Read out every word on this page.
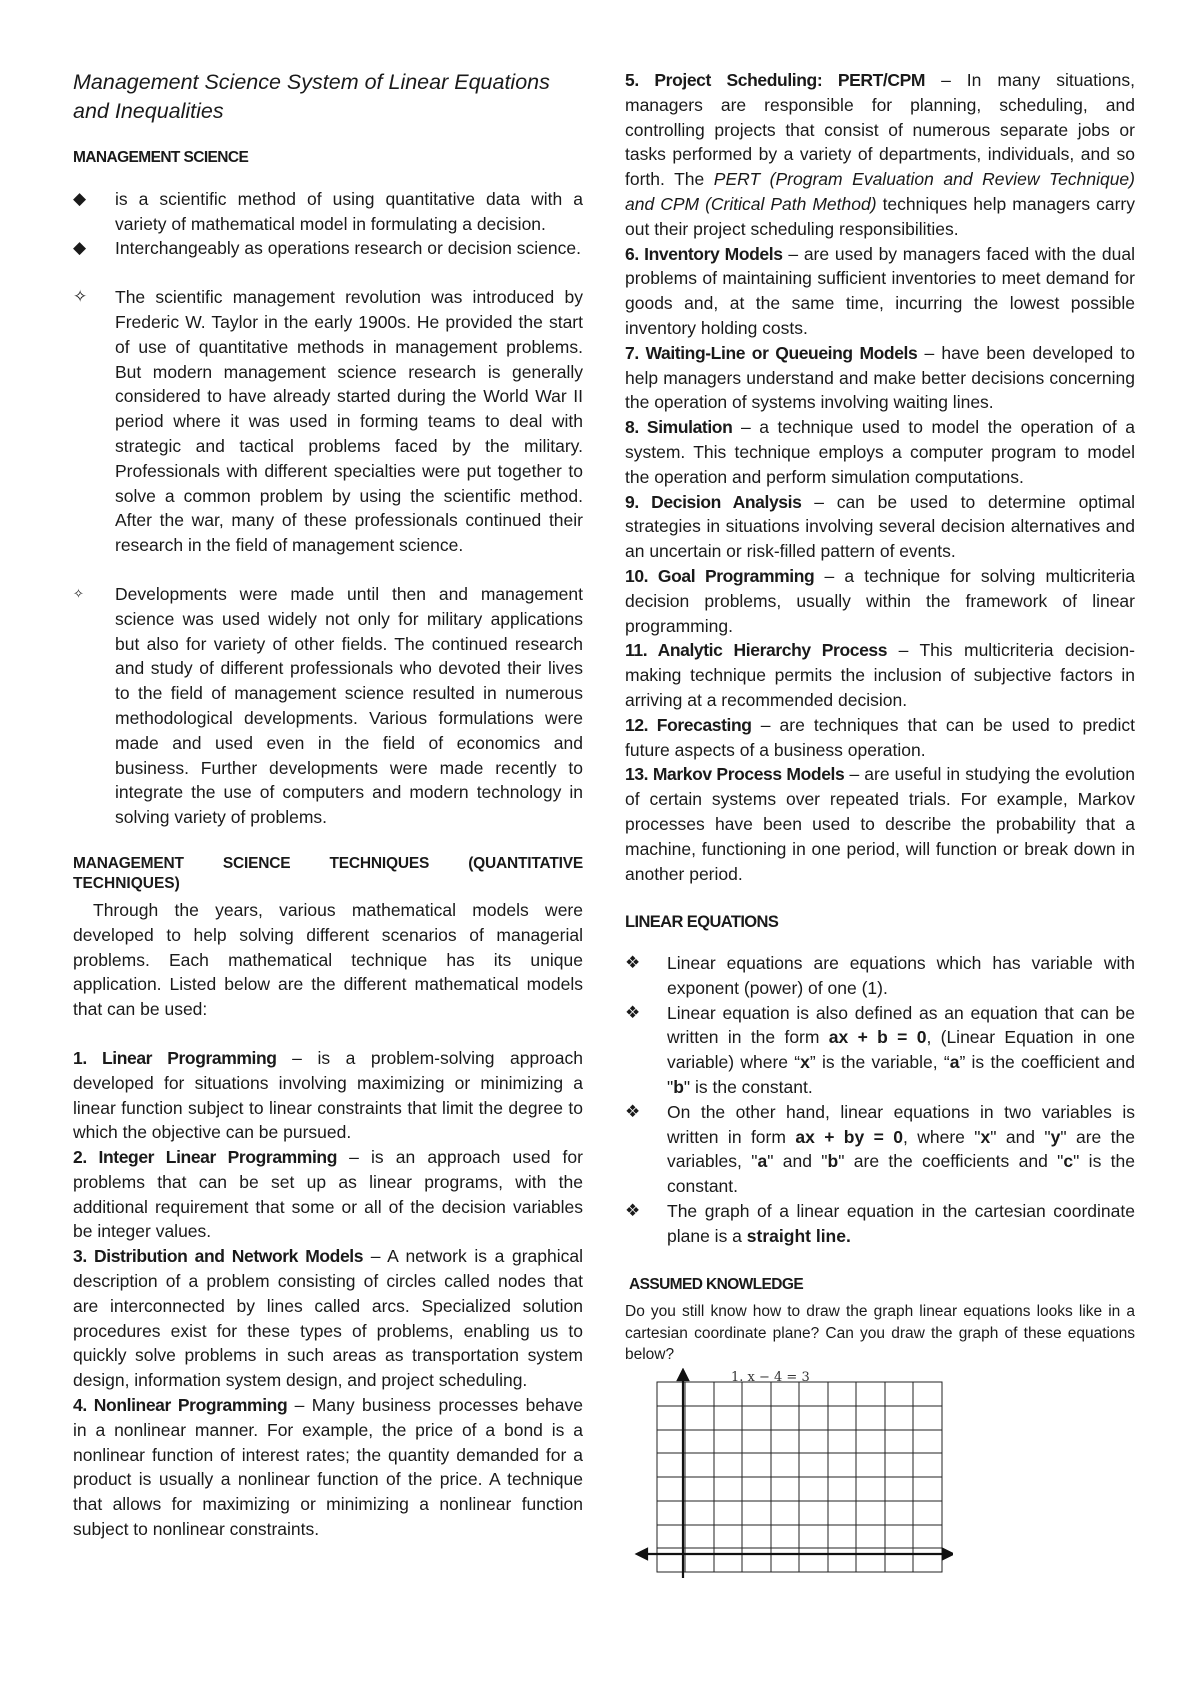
Management Science System of Linear Equations and Inequalities
MANAGEMENT SCIENCE
◆	is a scientific method of using quantitative data with a variety of mathematical model in formulating a decision.
◆	Interchangeably as operations research or decision science.
✧	The scientific management revolution was introduced by Frederic W. Taylor in the early 1900s. He provided the start of use of quantitative methods in management problems. But modern management science research is generally considered to have already started during the World War II period where it was used in forming teams to deal with strategic and tactical problems faced by the military. Professionals with different specialties were put together to solve a common problem by using the scientific method. After the war, many of these professionals continued their research in the field of management science.
✧	Developments were made until then and management science was used widely not only for military applications but also for variety of other fields. The continued research and study of different professionals who devoted their lives to the field of management science resulted in numerous methodological developments. Various formulations were made and used even in the field of economics and business. Further developments were made recently to integrate the use of computers and modern technology in solving variety of problems.
MANAGEMENT SCIENCE TECHNIQUES (QUANTITATIVE
TECHNIQUES)
Through the years, various mathematical models were developed to help solving different scenarios of managerial problems. Each mathematical technique has its unique application. Listed below are the different mathematical models that can be used:
1. Linear Programming – is a problem-solving approach developed for situations involving maximizing or minimizing a linear function subject to linear constraints that limit the degree to which the objective can be pursued.
2. Integer Linear Programming – is an approach used for problems that can be set up as linear programs, with the additional requirement that some or all of the decision variables be integer values.
3. Distribution and Network Models – A network is a graphical description of a problem consisting of circles called nodes that are interconnected by lines called arcs. Specialized solution procedures exist for these types of problems, enabling us to quickly solve problems in such areas as transportation system design, information system design, and project scheduling.
4. Nonlinear Programming – Many business processes behave in a nonlinear manner. For example, the price of a bond is a nonlinear function of interest rates; the quantity demanded for a product is usually a nonlinear function of the price. A technique that allows for maximizing or minimizing a nonlinear function subject to nonlinear constraints.
5. Project Scheduling: PERT/CPM – In many situations, managers are responsible for planning, scheduling, and controlling projects that consist of numerous separate jobs or tasks performed by a variety of departments, individuals, and so forth. The PERT (Program Evaluation and Review Technique) and CPM (Critical Path Method) techniques help managers carry out their project scheduling responsibilities.
6. Inventory Models – are used by managers faced with the dual problems of maintaining sufficient inventories to meet demand for goods and, at the same time, incurring the lowest possible inventory holding costs.
7. Waiting-Line or Queueing Models – have been developed to help managers understand and make better decisions concerning the operation of systems involving waiting lines.
8. Simulation – a technique used to model the operation of a system. This technique employs a computer program to model the operation and perform simulation computations.
9. Decision Analysis – can be used to determine optimal strategies in situations involving several decision alternatives and an uncertain or risk-filled pattern of events.
10. Goal Programming – a technique for solving multicriteria decision problems, usually within the framework of linear programming.
11. Analytic Hierarchy Process – This multicriteria decision-making technique permits the inclusion of subjective factors in arriving at a recommended decision.
12. Forecasting – are techniques that can be used to predict future aspects of a business operation.
13. Markov Process Models – are useful in studying the evolution of certain systems over repeated trials. For example, Markov processes have been used to describe the probability that a machine, functioning in one period, will function or break down in another period.
LINEAR EQUATIONS
❖	Linear equations are equations which has variable with exponent (power) of one (1).
❖	Linear equation is also defined as an equation that can be written in the form ax + b = 0, (Linear Equation in one variable) where “x” is the variable, “a” is the coefficient and "b" is the constant.
❖	On the other hand, linear equations in two variables is written in form ax + by = 0, where "x" and "y" are the variables, "a" and "b" are the coefficients and "c" is the constant.
❖	The graph of a linear equation in the cartesian coordinate plane is a straight line.
ASSUMED KNOWLEDGE
Do you still know how to draw the graph linear equations looks like in a cartesian coordinate plane? Can you draw the graph of these equations below?
1. x − 4 = 3
